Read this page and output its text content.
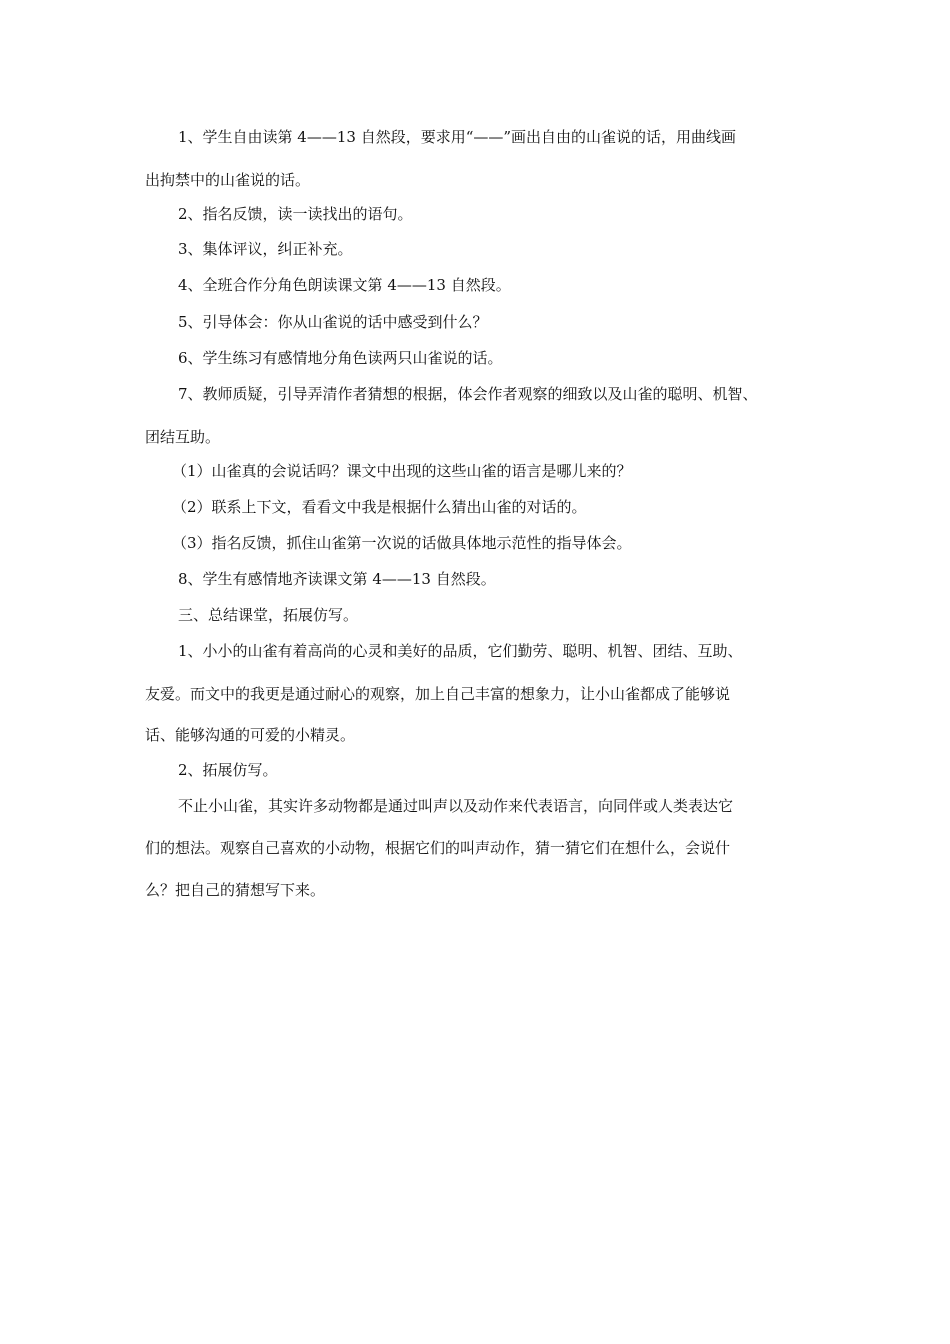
1、学生自由读第 4——13 自然段，要求用“——”画出自由的山雀说的话，用曲线画
出拘禁中的山雀说的话。
2、指名反馈，读一读找出的语句。
3、集体评议，纠正补充。
4、全班合作分角色朗读课文第 4——13 自然段。
5、引导体会：你从山雀说的话中感受到什么？
6、学生练习有感情地分角色读两只山雀说的话。
7、教师质疑，引导弄清作者猜想的根据，体会作者观察的细致以及山雀的聪明、机智、
团结互助。
（1）山雀真的会说话吗？课文中出现的这些山雀的语言是哪儿来的？
（2）联系上下文，看看文中我是根据什么猜出山雀的对话的。
（3）指名反馈，抓住山雀第一次说的话做具体地示范性的指导体会。
8、学生有感情地齐读课文第 4——13 自然段。
三、总结课堂，拓展仿写。
1、小小的山雀有着高尚的心灵和美好的品质，它们勤劳、聪明、机智、团结、互助、
友爱。而文中的我更是通过耐心的观察，加上自己丰富的想象力，让小山雀都成了能够说
话、能够沟通的可爱的小精灵。
2、拓展仿写。
不止小山雀，其实许多动物都是通过叫声以及动作来代表语言，向同伴或人类表达它
们的想法。观察自己喜欢的小动物，根据它们的叫声动作，猜一猜它们在想什么，会说什
么？把自己的猜想写下来。
